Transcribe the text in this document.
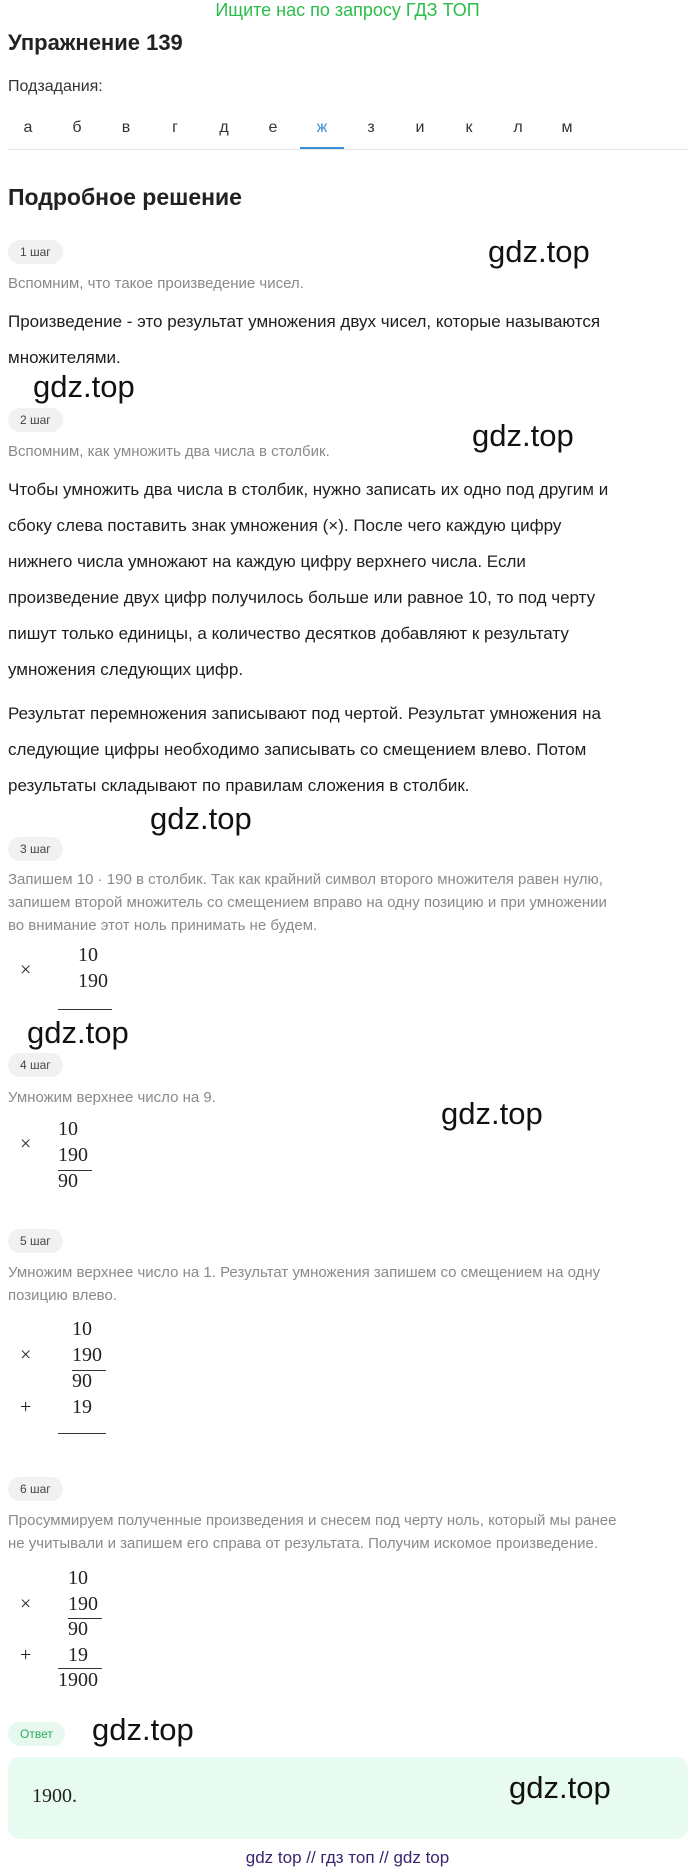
Ищите нас по запросу ГДЗ ТОП
Упражнение 139
Подзадания:
а	б	в	г	д	е	ж	з	и	к	л	м
Подробное решение
1 шаг	gdz.top
Вспомним, что такое произведение чисел.
Произведение - это результат умножения двух чисел, которые называются
множителями.
gdz.top
2 шаг	gdz.top
Вспомним, как умножить два числа в столбик.
Чтобы умножить два числа в столбик, нужно записать их одно под другим и
сбоку слева поставить знак умножения (×). После чего каждую цифру
нижнего числа умножают на каждую цифру верхнего числа. Если
произведение двух цифр получилось больше или равное 10, то под черту
пишут только единицы, а количество десятков добавляют к результату
умножения следующих цифр.
Результат перемножения записывают под чертой. Результат умножения на
следующие цифры необходимо записывать со смещением влево. Потом
результаты складывают по правилам сложения в столбик.
gdz.top
3 шаг
Запишем 10 · 190 в столбик. Так как крайний символ второго множителя равен нулю,
запишем второй множитель со смещением вправо на одну позицию и при умножении
во внимание этот ноль принимать не будем.
×
10
190
gdz.top
4 шаг
gdz.top
Умножим верхнее число на 9.
×
10
190
90
5 шаг
Умножим верхнее число на 1. Результат умножения запишем со смещением на одну
позицию влево.
×
10
190
90
+ 19
6 шаг
Просуммируем полученные произведения и снесем под черту ноль, который мы ранее
не учитывали и запишем его справа от результата. Получим искомое произведение.
×
10
190
90
+ 19
1900
Ответ	gdz.top
1900.	gdz.top
gdz top // гдз топ // gdz top
